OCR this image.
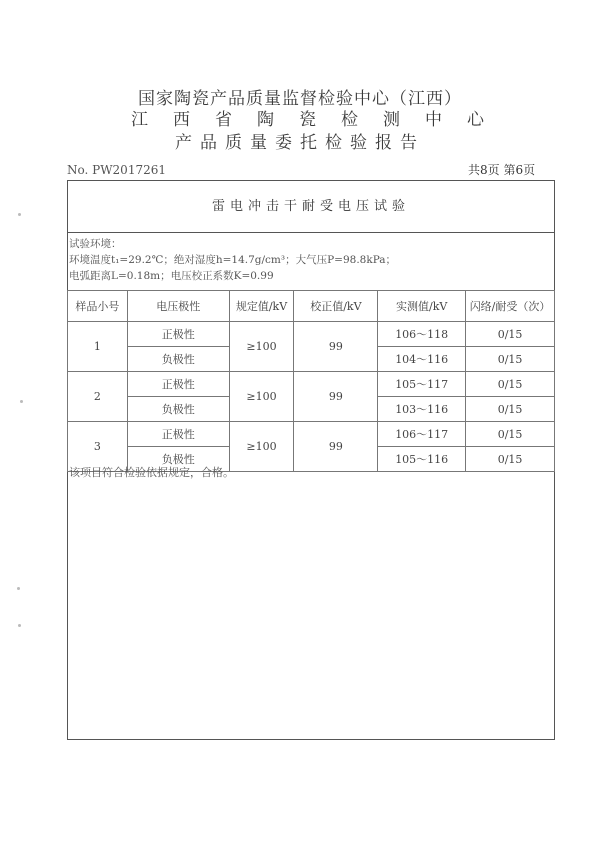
国家陶瓷产品质量监督检验中心（江西）
江西省陶瓷检测中心
产品质量委托检验报告
No. PW2017261	共8页 第6页
雷电冲击干耐受电压试验
试验环境：
环境温度t₁=29.2℃；绝对湿度h=14.7g/cm³；大气压P=98.8kPa；
电弧距离L=0.18m；电压校正系数K=0.99
样品小号	电压极性	规定值/kV	校正值/kV	实测值/kV	闪络/耐受（次）
1	正极性	≥100	99	106～118	0/15
	负极性			104～116	0/15
2	正极性	≥100	99	105～117	0/15
	负极性			103～116	0/15
3	正极性	≥100	99	106～117	0/15
	负极性			105～116	0/15
该项目符合检验依据规定，合格。
